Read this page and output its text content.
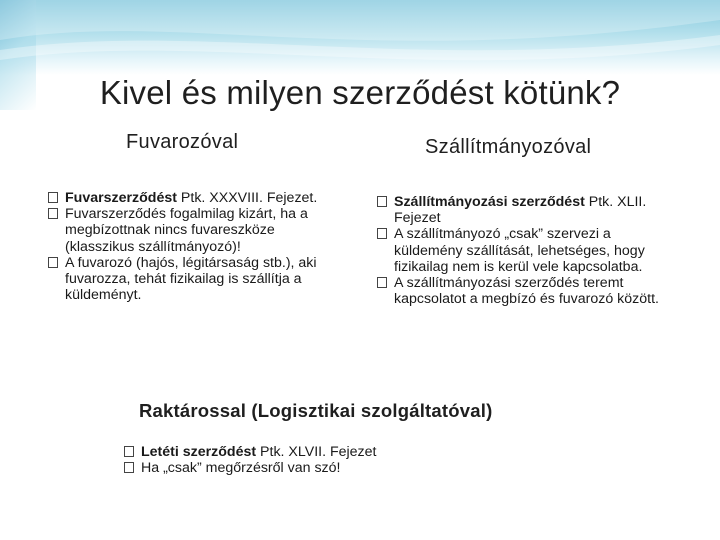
Kivel és milyen szerződést kötünk?
Fuvarozóval	Szállítmányozóval
Fuvarszerződést Ptk. XXXVIII. Fejezet.
Fuvarszerződés fogalmilag kizárt, ha a megbízottnak nincs fuvareszköze (klasszikus szállítmányozó)!
A fuvarozó (hajós, légitársaság stb.), aki fuvarozza, tehát fizikailag is szállítja a küldeményt.
Szállítmányozási szerződést Ptk. XLII. Fejezet
A szállítmányozó „csak” szervezi a küldemény szállítását, lehetséges, hogy fizikailag nem is kerül vele kapcsolatba.
A szállítmányozási szerződés teremt kapcsolatot a megbízó és fuvarozó között.
Raktárossal (Logisztikai szolgáltatóval)
Letéti szerződést Ptk. XLVII. Fejezet
Ha „csak” megőrzésről van szó!
